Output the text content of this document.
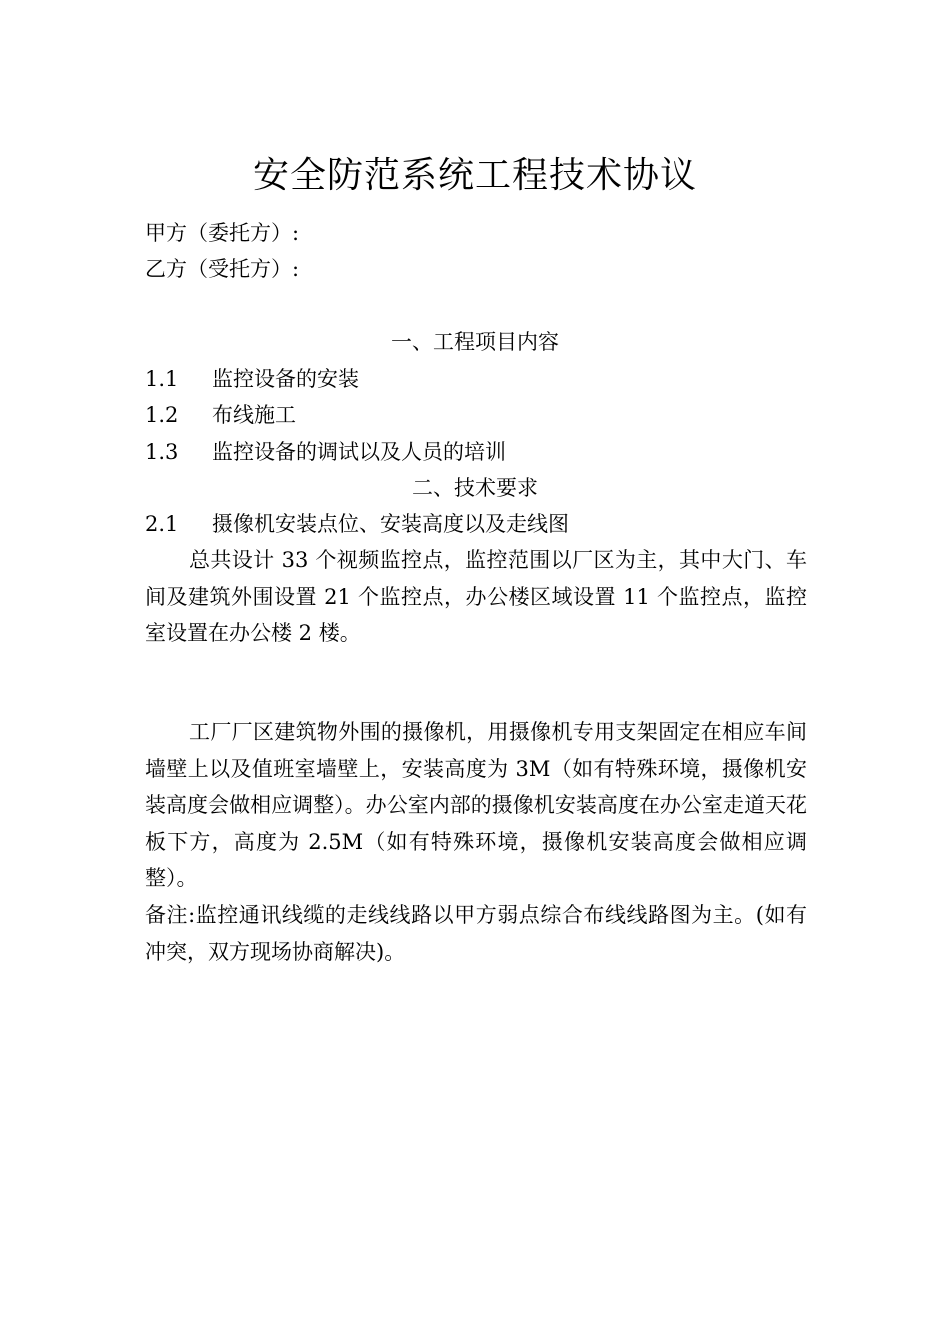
安全防范系统工程技术协议
甲方（委托方）:
乙方（受托方）:
一、工程项目内容
1.1 监控设备的安装
1.2 布线施工
1.3 监控设备的调试以及人员的培训
二、技术要求
2.1 摄像机安装点位、安装高度以及走线图
总共设计 33 个视频监控点，监控范围以厂区为主，其中大门、车间及建筑外围设置 21 个监控点，办公楼区域设置 11 个监控点，监控室设置在办公楼 2 楼。
工厂厂区建筑物外围的摄像机，用摄像机专用支架固定在相应车间墙壁上以及值班室墙壁上，安装高度为 3M（如有特殊环境，摄像机安装高度会做相应调整）。办公室内部的摄像机安装高度在办公室走道天花板下方，高度为 2.5M（如有特殊环境，摄像机安装高度会做相应调整）。
备注:监控通讯线缆的走线线路以甲方弱点综合布线线路图为主。(如有冲突，双方现场协商解决)。
